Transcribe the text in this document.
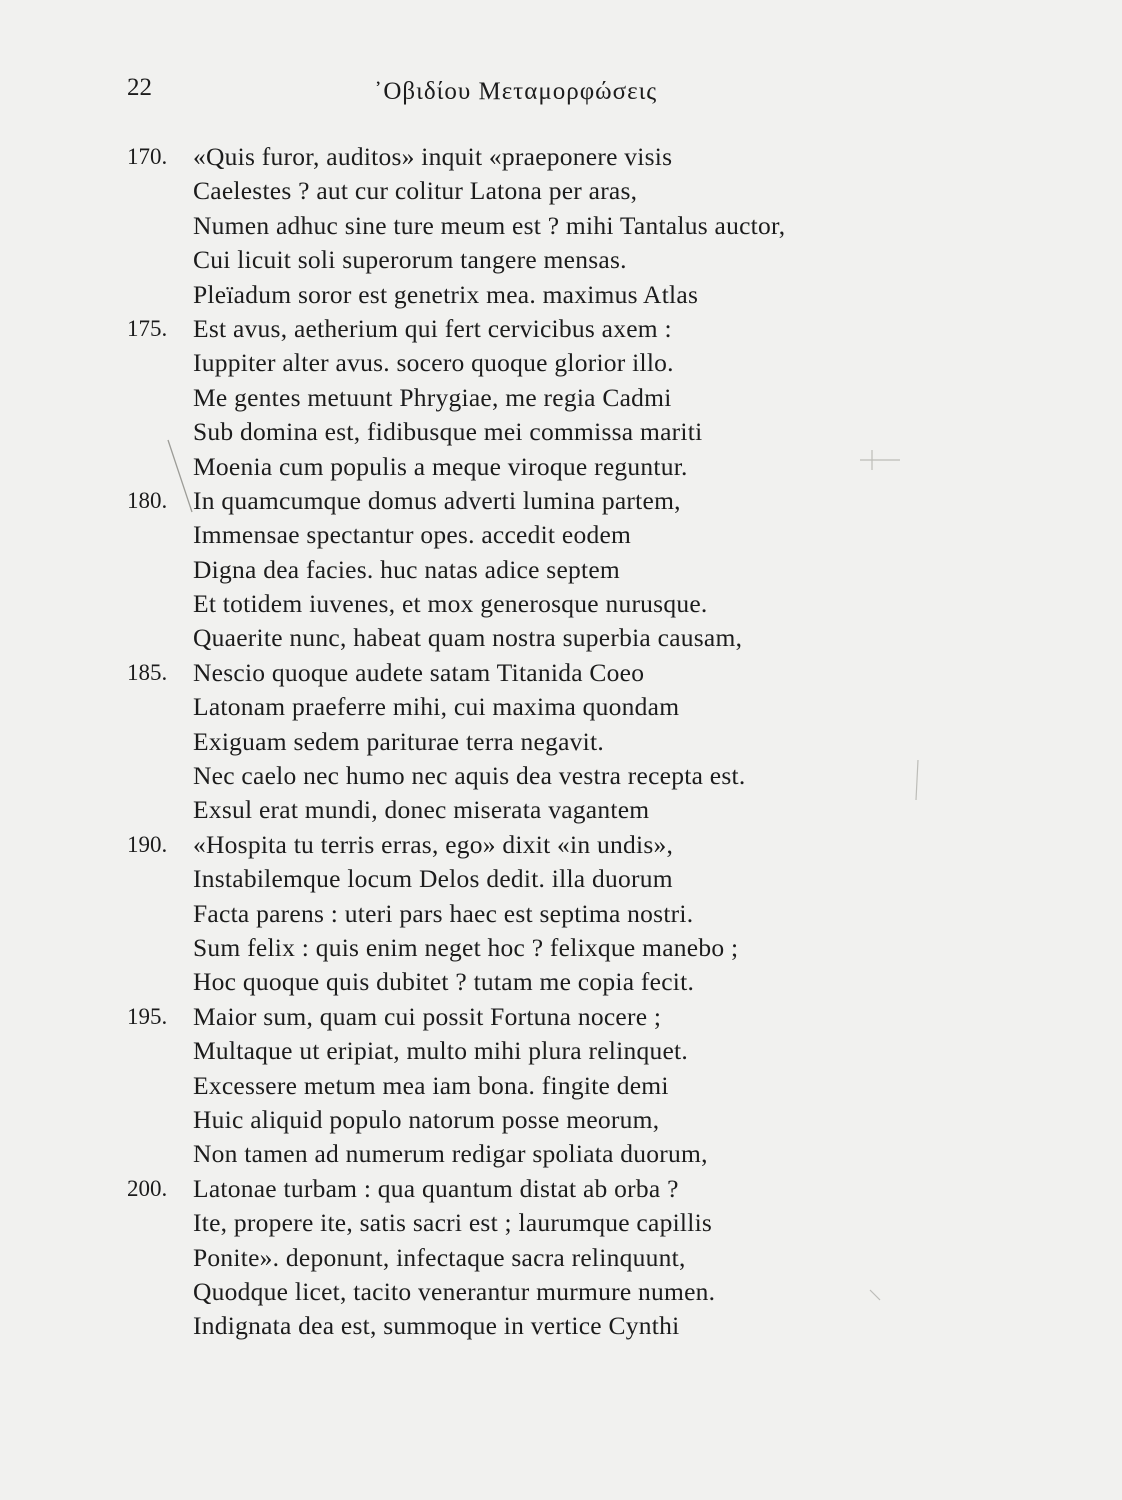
22	᾿Οβιδίου Μεταμορφώσεις
170. «Quis furor, auditos» inquit «praeponere visis
Caelestes ? aut cur colitur Latona per aras,
Numen adhuc sine ture meum est ? mihi Tantalus auctor,
Cui licuit soli superorum tangere mensas.
Pleïadum soror est genetrix mea. maximus Atlas
175. Est avus, aetherium qui fert cervicibus axem :
Iuppiter alter avus. socero quoque glorior illo.
Me gentes metuunt Phrygiae, me regia Cadmi
Sub domina est, fidibusque mei commissa mariti
Moenia cum populis a meque viroque reguntur.
180. In quamcumque domus adverti lumina partem,
Immensae spectantur opes. accedit eodem
Digna dea facies. huc natas adice septem
Et totidem iuvenes, et mox generosque nurusque.
Quaerite nunc, habeat quam nostra superbia causam,
185. Nescio quoque audete satam Titanida Coeo
Latonam praeferre mihi, cui maxima quondam
Exiguam sedem pariturae terra negavit.
Nec caelo nec humo nec aquis dea vestra recepta est.
Exsul erat mundi, donec miserata vagantem
190. «Hospita tu terris erras, ego» dixit «in undis»,
Instabilemque locum Delos dedit. illa duorum
Facta parens : uteri pars haec est septima nostri.
Sum felix : quis enim neget hoc ? felixque manebo ;
Hoc quoque quis dubitet ? tutam me copia fecit.
195. Maior sum, quam cui possit Fortuna nocere ;
Multaque ut eripiat, multo mihi plura relinquet.
Excessere metum mea iam bona. fingite demi
Huic aliquid populo natorum posse meorum,
Non tamen ad numerum redigar spoliata duorum,
200. Latonae turbam : qua quantum distat ab orba ?
Ite, propere ite, satis sacri est ; laurumque capillis
Ponite». deponunt, infectaque sacra relinquunt,
Quodque licet, tacito venerantur murmure numen.
Indignata dea est, summoque in vertice Cynthi
